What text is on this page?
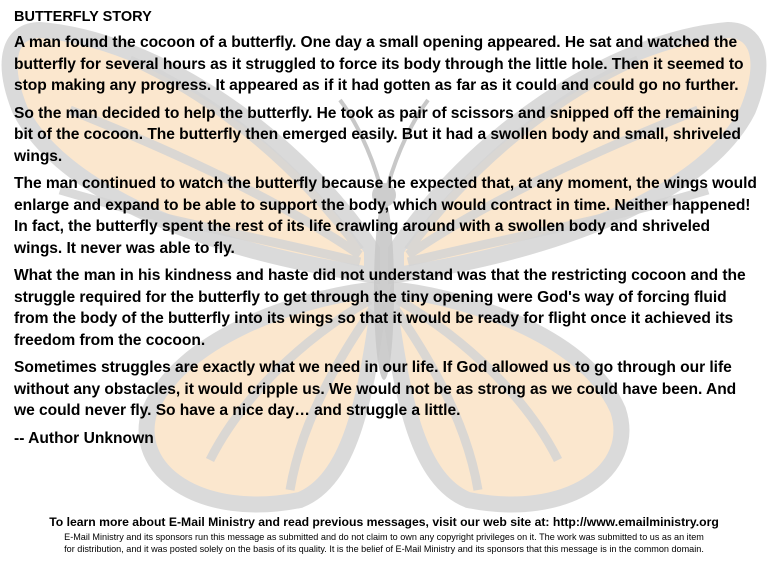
BUTTERFLY STORY

A man found the cocoon of a butterfly. One day a small opening appeared. He sat and watched the butterfly for several hours as it struggled to force its body through the little hole. Then it seemed to stop making any progress. It appeared as if it had gotten as far as it could and could go no further.

So the man decided to help the butterfly. He took as pair of scissors and snipped off the remaining bit of the cocoon. The butterfly then emerged easily. But it had a swollen body and small, shriveled wings.

The man continued to watch the butterfly because he expected that, at any moment, the wings would enlarge and expand to be able to support the body, which would contract in time. Neither happened! In fact, the butterfly spent the rest of its life crawling around with a swollen body and shriveled wings. It never was able to fly.

What the man in his kindness and haste did not understand was that the restricting cocoon and the struggle required for the butterfly to get through the tiny opening were God's way of forcing fluid from the body of the butterfly into its wings so that it would be ready for flight once it achieved its freedom from the cocoon.

Sometimes struggles are exactly what we need in our life. If God allowed us to go through our life without any obstacles, it would cripple us. We would not be as strong as we could have been. And we could never fly. So have a nice day… and struggle a little.

-- Author Unknown
To learn more about E-Mail Ministry and read previous messages, visit our web site at: http://www.emailministry.org
E-Mail Ministry and its sponsors run this message as submitted and do not claim to own any copyright privileges on it. The work was submitted to us as an item
for distribution, and it was posted solely on the basis of its quality. It is the belief of E-Mail Ministry and its sponsors that this message is in the common domain.
